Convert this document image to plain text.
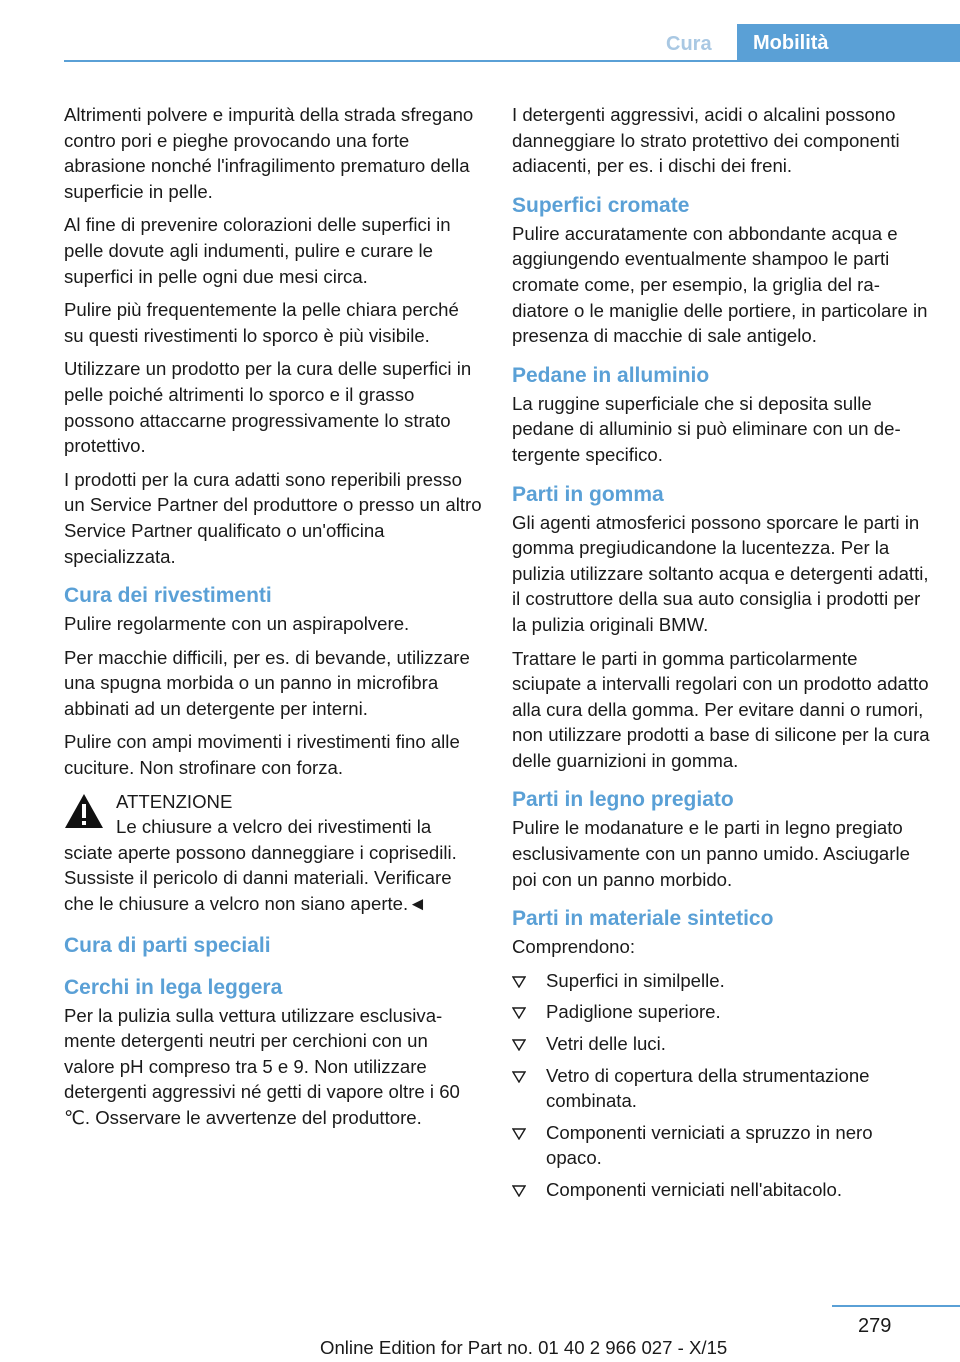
Cura	Mobilità

Altrimenti polvere e impurità della strada sfregano contro pori e pieghe provocando una forte abrasione nonché l'infragilimento prematuro della superficie in pelle.

Al fine di prevenire colorazioni delle superfici in pelle dovute agli indumenti, pulire e curare le superfici in pelle ogni due mesi circa.

Pulire più frequentemente la pelle chiara perché su questi rivestimenti lo sporco è più visibile.

Utilizzare un prodotto per la cura delle superfici in pelle poiché altrimenti lo sporco e il grasso possono attaccarne progressivamente lo strato protettivo.

I prodotti per la cura adatti sono reperibili presso un Service Partner del produttore o presso un altro Service Partner qualificato o un'officina specializzata.

Cura dei rivestimenti

Pulire regolarmente con un aspirapolvere.

Per macchie difficili, per es. di bevande, utilizzare una spugna morbida o un panno in microfibra abbinati ad un detergente per interni.

Pulire con ampi movimenti i rivestimenti fino alle cuciture. Non strofinare con forza.

ATTENZIONE
Le chiusure a velcro dei rivestimenti la
sciate aperte possono danneggiare i coprisedili. Sussiste il pericolo di danni materiali. Verificare che le chiusure a velcro non siano aperte.◄
Cura di parti speciali
Cerchi in lega leggera

Per la pulizia sulla vettura utilizzare esclusivamente detergenti neutri per cerchioni con un valore pH compreso tra 5 e 9. Non utilizzare detergenti aggressivi né getti di vapore oltre i 60 ℃. Osservare le avvertenze del produttore.

I detergenti aggressivi, acidi o alcalini possono danneggiare lo strato protettivo dei componenti adiacenti, per es. i dischi dei freni.

Superfici cromate

Pulire accuratamente con abbondante acqua e aggiungendo eventualmente shampoo le parti cromate come, per esempio, la griglia del radiatore o le maniglie delle portiere, in particolare in presenza di macchie di sale antigelo.

Pedane in alluminio

La ruggine superficiale che si deposita sulle pedane di alluminio si può eliminare con un detergente specifico.

Parti in gomma

Gli agenti atmosferici possono sporcare le parti in gomma pregiudicandone la lucentezza. Per la pulizia utilizzare soltanto acqua e detergenti adatti, il costruttore della sua auto consiglia i prodotti per la pulizia originali BMW.

Trattare le parti in gomma particolarmente sciupate a intervalli regolari con un prodotto adatto alla cura della gomma. Per evitare danni o rumori, non utilizzare prodotti a base di silicone per la cura delle guarnizioni in gomma.

Parti in legno pregiato

Pulire le modanature e le parti in legno pregiato esclusivamente con un panno umido. Asciugarle poi con un panno morbido.

Parti in materiale sintetico

Comprendono:

Superfici in similpelle.
Padiglione superiore.
Vetri delle luci.
Vetro di copertura della strumentazione combinata.
Componenti verniciati a spruzzo in nero opaco.
Componenti verniciati nell'abitacolo.
279
Online Edition for Part no. 01 40 2 966 027 - X/15
